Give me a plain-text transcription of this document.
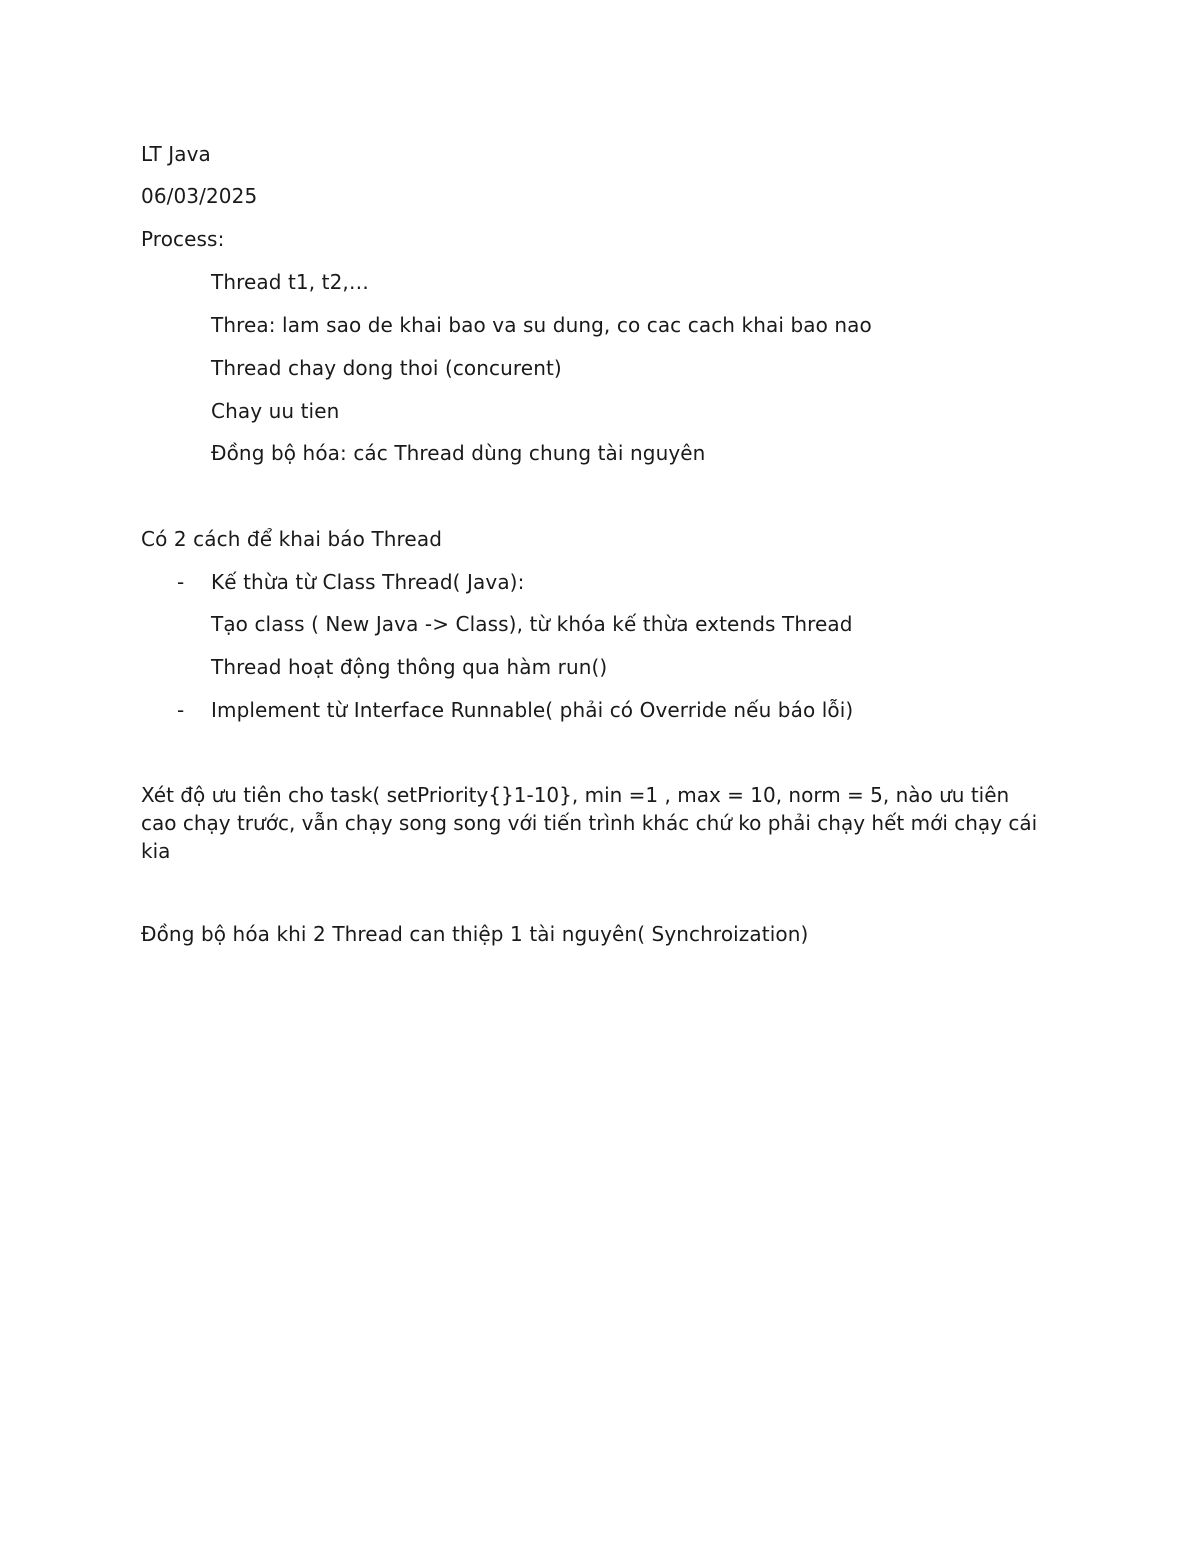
LT Java
06/03/2025
Process:
Thread t1, t2,…
Threa: lam sao de khai bao va su dung, co cac cach khai bao nao
Thread chay dong thoi (concurent)
Chay uu tien
Đồng bộ hóa: các Thread dùng chung tài nguyên
Có 2 cách để khai báo Thread
- Kế thừa từ Class Thread( Java):
Tạo class ( New Java -> Class), từ khóa kế thừa extends Thread
Thread hoạt động thông qua hàm run()
- Implement từ Interface Runnable( phải có Override nếu báo lỗi)
Xét độ ưu tiên cho task( setPriority{}1-10}, min =1 , max = 10, norm = 5, nào ưu tiên cao chạy trước, vẫn chạy song song với tiến trình khác chứ ko phải chạy hết mới chạy cái kia
Đồng bộ hóa khi 2 Thread can thiệp 1 tài nguyên( Synchroization)
